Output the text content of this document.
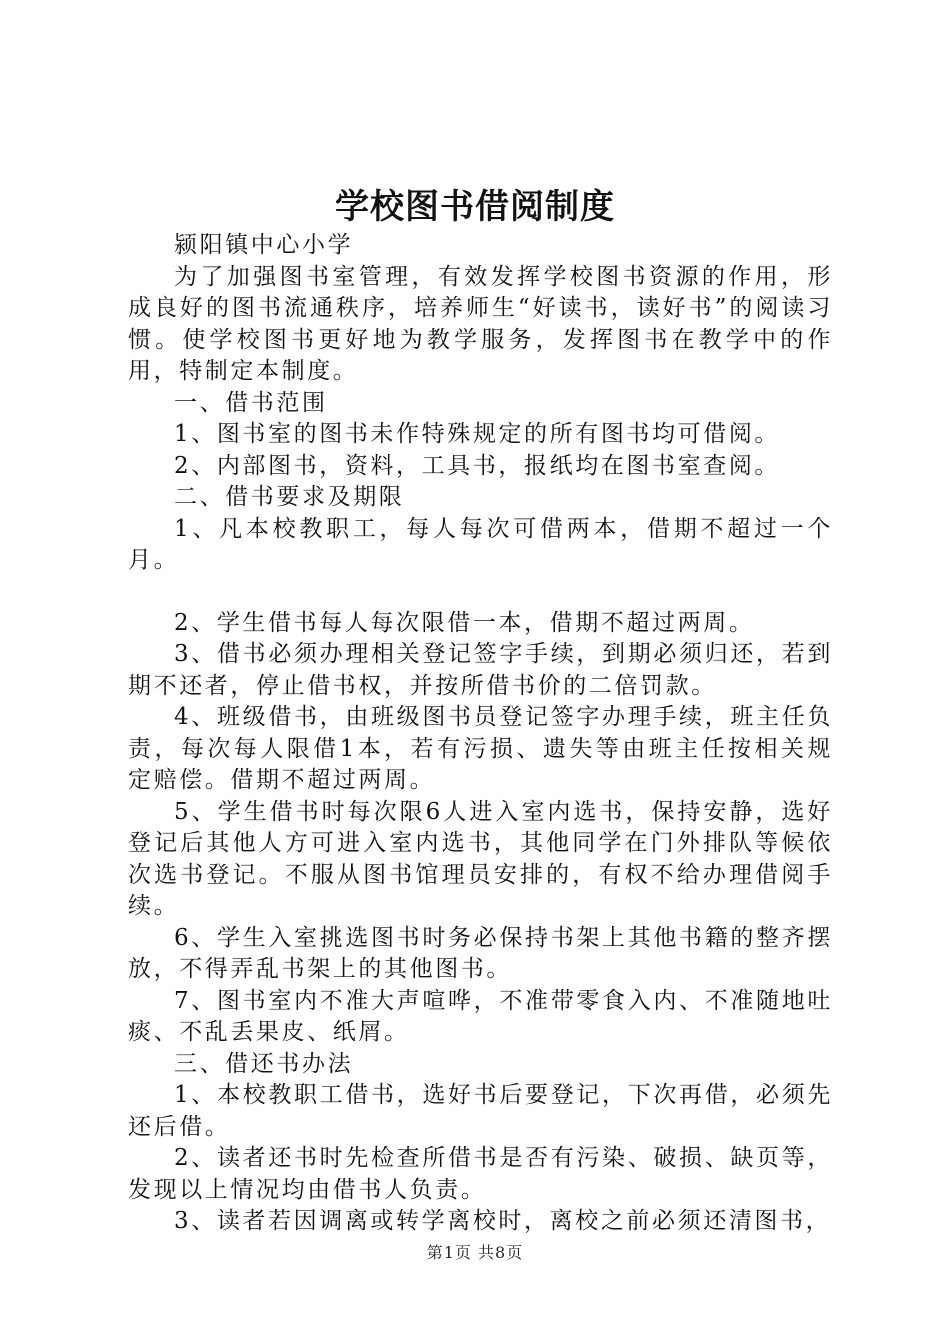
学校图书借阅制度

颍阳镇中心小学

为了加强图书室管理，有效发挥学校图书资源的作用，形成良好的图书流通秩序，培养师生“好读书，读好书”的阅读习惯。使学校图书更好地为教学服务，发挥图书在教学中的作用，特制定本制度。

一、借书范围

1、图书室的图书未作特殊规定的所有图书均可借阅。

2、内部图书，资料，工具书，报纸均在图书室查阅。

二、借书要求及期限

1、凡本校教职工，每人每次可借两本，借期不超过一个月。

2、学生借书每人每次限借一本，借期不超过两周。

3、借书必须办理相关登记签字手续，到期必须归还，若到期不还者，停止借书权，并按所借书价的二倍罚款。

4、班级借书，由班级图书员登记签字办理手续，班主任负责，每次每人限借1本，若有污损、遗失等由班主任按相关规定赔偿。借期不超过两周。

5、学生借书时每次限6人进入室内选书，保持安静，选好登记后其他人方可进入室内选书，其他同学在门外排队等候依次选书登记。不服从图书馆理员安排的，有权不给办理借阅手续。

6、学生入室挑选图书时务必保持书架上其他书籍的整齐摆放，不得弄乱书架上的其他图书。

7、图书室内不准大声喧哗，不准带零食入内、不准随地吐痰、不乱丢果皮、纸屑。

三、借还书办法

1、本校教职工借书，选好书后要登记，下次再借，必须先还后借。

2、读者还书时先检查所借书是否有污染、破损、缺页等，发现以上情况均由借书人负责。

3、读者若因调离或转学离校时，离校之前必须还清图书，

第1页 共8页
